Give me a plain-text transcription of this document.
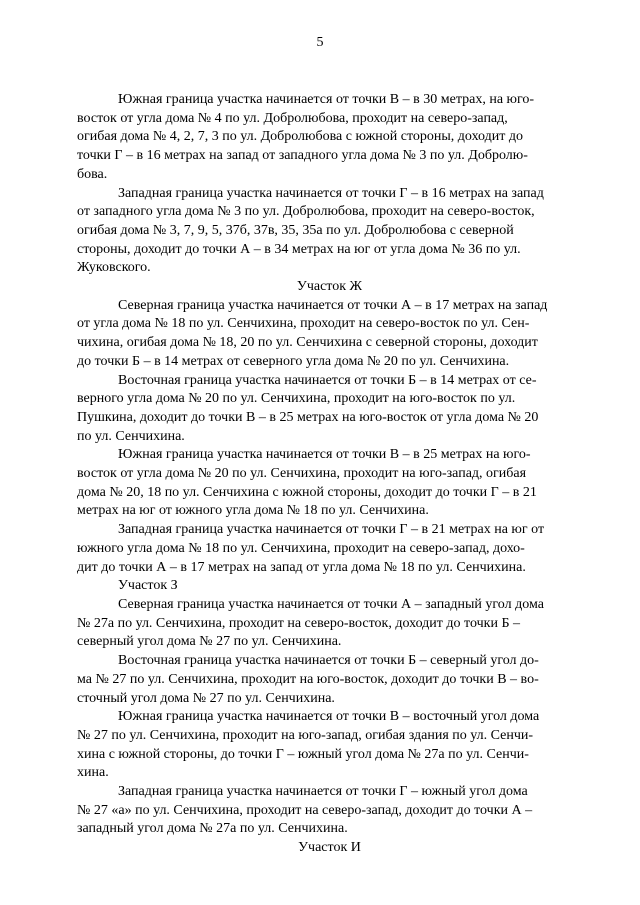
5

Южная граница участка начинается от точки В – в 30 метрах, на юго-
восток от угла дома № 4 по ул. Добролюбова, проходит на северо-запад,
огибая дома № 4, 2, 7, 3 по ул. Добролюбова с южной стороны, доходит до
точки Г – в 16 метрах на запад от западного угла дома № 3 по ул. Добролю-
бова.

Западная граница участка начинается от точки Г – в 16 метрах на запад
от западного угла дома № 3 по ул. Добролюбова, проходит на северо-восток,
огибая дома № 3, 7, 9, 5, 37б, 37в, 35, 35а по ул. Добролюбова с северной
стороны, доходит до точки А – в 34 метрах на юг от угла дома № 36 по ул.
Жуковского.

Участок Ж

Северная граница участка начинается от точки А – в 17 метрах на запад
от угла дома № 18 по ул. Сенчихина, проходит на северо-восток по ул. Сен-
чихина, огибая дома № 18, 20 по ул. Сенчихина с северной стороны, доходит
до точки Б – в 14 метрах от северного угла дома № 20 по ул. Сенчихина.

Восточная граница участка начинается от точки Б – в 14 метрах от се-
верного угла дома № 20 по ул. Сенчихина, проходит на юго-восток по ул.
Пушкина, доходит до точки В – в 25 метрах на юго-восток от угла дома № 20
по ул. Сенчихина.

Южная граница участка начинается от точки В – в 25 метрах на юго-
восток от угла дома № 20 по ул. Сенчихина, проходит на юго-запад, огибая
дома № 20, 18 по ул. Сенчихина с южной стороны, доходит до точки Г – в 21
метрах на юг от южного угла дома № 18 по ул. Сенчихина.

Западная граница участка начинается от точки Г – в 21 метрах на юг от
южного угла дома № 18 по ул. Сенчихина, проходит на северо-запад, дохо-
дит до точки А – в 17 метрах на запад от угла дома № 18 по ул. Сенчихина.

Участок З

Северная граница участка начинается от точки А – западный угол дома
№ 27а по ул. Сенчихина, проходит на северо-восток, доходит до точки Б –
северный угол дома № 27 по ул. Сенчихина.

Восточная граница участка начинается от точки Б – северный угол до-
ма № 27 по ул. Сенчихина, проходит на юго-восток, доходит до точки В – во-
сточный угол дома № 27 по ул. Сенчихина.

Южная граница участка начинается от точки В – восточный угол дома
№ 27 по ул. Сенчихина, проходит на юго-запад, огибая здания по ул. Сенчи-
хина с южной стороны, до точки Г – южный угол дома № 27а по ул. Сенчи-
хина.

Западная граница участка начинается от точки Г – южный угол дома
№ 27 «а» по ул. Сенчихина, проходит на северо-запад, доходит до точки А –
западный угол дома № 27а по ул. Сенчихина.

Участок И
